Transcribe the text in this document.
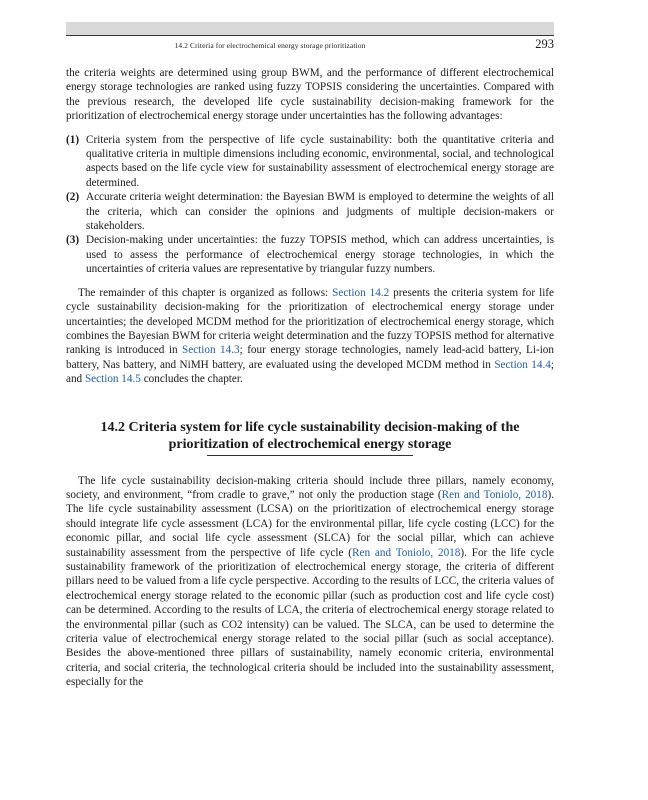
14.2 Criteria for electrochemical energy storage prioritization	293

the criteria weights are determined using group BWM, and the performance of different electrochemical energy storage technologies are ranked using fuzzy TOPSIS considering the uncertainties. Compared with the previous research, the developed life cycle sustainability decision-making framework for the prioritization of electrochemical energy storage under uncertainties has the following advantages:

(1) Criteria system from the perspective of life cycle sustainability: both the quantitative criteria and qualitative criteria in multiple dimensions including economic, environmental, social, and technological aspects based on the life cycle view for sustainability assessment of electrochemical energy storage are determined.
(2) Accurate criteria weight determination: the Bayesian BWM is employed to determine the weights of all the criteria, which can consider the opinions and judgments of multiple decision-makers or stakeholders.
(3) Decision-making under uncertainties: the fuzzy TOPSIS method, which can address uncertainties, is used to assess the performance of electrochemical energy storage technologies, in which the uncertainties of criteria values are representative by triangular fuzzy numbers.

The remainder of this chapter is organized as follows: Section 14.2 presents the criteria system for life cycle sustainability decision-making for the prioritization of electrochemical energy storage under uncertainties; the developed MCDM method for the prioritization of electrochemical energy storage, which combines the Bayesian BWM for criteria weight determination and the fuzzy TOPSIS method for alternative ranking is introduced in Section 14.3; four energy storage technologies, namely lead-acid battery, Li-ion battery, Nas battery, and NiMH battery, are evaluated using the developed MCDM method in Section 14.4; and Section 14.5 concludes the chapter.

14.2 Criteria system for life cycle sustainability decision-making of the
prioritization of electrochemical energy storage

The life cycle sustainability decision-making criteria should include three pillars, namely economy, society, and environment, “from cradle to grave,” not only the production stage (Ren and Toniolo, 2018). The life cycle sustainability assessment (LCSA) on the prioritization of electrochemical energy storage should integrate life cycle assessment (LCA) for the environmental pillar, life cycle costing (LCC) for the economic pillar, and social life cycle assessment (SLCA) for the social pillar, which can achieve sustainability assessment from the perspective of life cycle (Ren and Toniolo, 2018). For the life cycle sustainability framework of the prioritization of electrochemical energy storage, the criteria of different pillars need to be valued from a life cycle perspective. According to the results of LCC, the criteria values of electrochemical energy storage related to the economic pillar (such as production cost and life cycle cost) can be determined. According to the results of LCA, the criteria of electrochemical energy storage related to the environmental pillar (such as CO2 intensity) can be valued. The SLCA, can be used to determine the criteria value of electrochemical energy storage related to the social pillar (such as social acceptance). Besides the above-mentioned three pillars of sustainability, namely economic criteria, environmental criteria, and social criteria, the technological criteria should be included into the sustainability assessment, especially for the
